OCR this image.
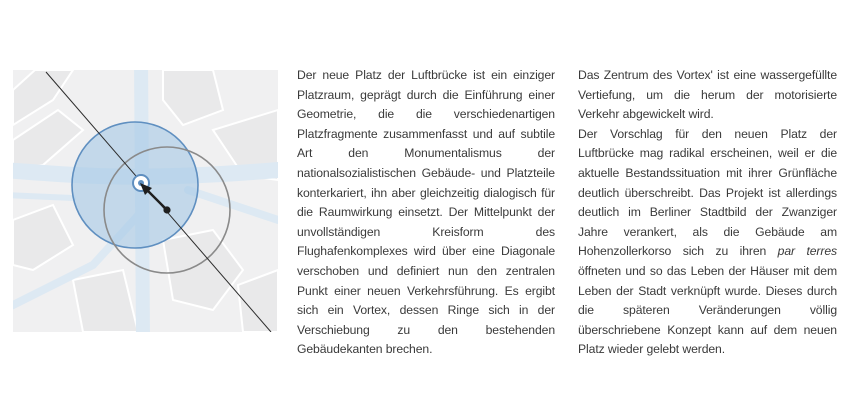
Der neue Platz der Luftbrücke ist ein einziger Platzraum, geprägt durch die Einführung einer Geometrie, die die verschiedenartigen Platzfragmente zusammenfasst und auf subtile Art den Monumentalismus der nationalsozialistischen Gebäude- und Platzteile konterkariert, ihn aber gleichzeitig dialogisch für die Raumwirkung einsetzt. Der Mittelpunkt der unvollständigen Kreisform des Flughafenkomplexes wird über eine Diagonale verschoben und definiert nun den zentralen Punkt einer neuen Verkehrsführung. Es ergibt sich ein Vortex, dessen Ringe sich in der Verschiebung zu den bestehenden Gebäudekanten brechen.

Das Zentrum des Vortex' ist eine wassergefüllte Vertiefung, um die herum der motorisierte Verkehr abgewickelt wird.

Der Vorschlag für den neuen Platz der Luftbrücke mag radikal erscheinen, weil er die aktuelle Bestandssituation mit ihrer Grünfläche deutlich überschreibt. Das Projekt ist allerdings deutlich im Berliner Stadtbild der Zwanziger Jahre verankert, als die Gebäude am Hohenzollerkorso sich zu ihren par terres öffneten und so das Leben der Häuser mit dem Leben der Stadt verknüpft wurde. Dieses durch die späteren Veränderungen völlig überschriebene Konzept kann auf dem neuen Platz wieder gelebt werden.
